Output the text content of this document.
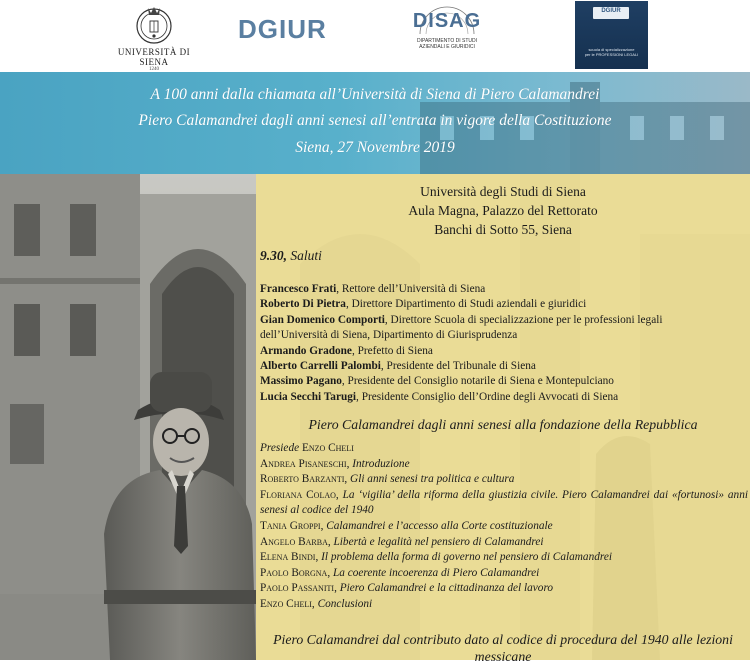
UNIVERSITÀ DI SIENA
1240
DGIUR	DISAG
DIPARTIMENTO DI STUDI
AZIENDALI E GIURIDICI
DGIUR
scuola di specializzazione
per le PROFESSIONI LEGALI
A 100 anni dalla chiamata all’Università di Siena di Piero Calamandrei
Piero Calamandrei dagli anni senesi all’entrata in vigore della Costituzione
Siena, 27 Novembre 2019
Università degli Studi di Siena
Aula Magna, Palazzo del Rettorato
Banchi di Sotto 55, Siena
9.30, Saluti
Francesco Frati, Rettore dell’Università di Siena
Roberto Di Pietra, Direttore Dipartimento di Studi aziendali e giuridici
Gian Domenico Comporti, Direttore Scuola di specializzazione per le professioni legali
dell’Università di Siena, Dipartimento di Giurisprudenza
Armando Gradone, Prefetto di Siena
Alberto Carrelli Palombi, Presidente del Tribunale di Siena
Massimo Pagano, Presidente del Consiglio notarile di Siena e Montepulciano
Lucia Secchi Tarugi, Presidente Consiglio dell’Ordine degli Avvocati di Siena
Piero Calamandrei dagli anni senesi alla fondazione della Repubblica
Presiede Enzo Cheli
Andrea Pisaneschi, Introduzione
Roberto Barzanti, Gli anni senesi tra politica e cultura
Floriana Colao, La ‘vigilia’ della riforma della giustizia civile. Piero Calamandrei dai «fortunosi» anni senesi al codice del 1940
Tania Groppi, Calamandrei e l’accesso alla Corte costituzionale
Angelo Barba, Libertà e legalità nel pensiero di Calamandrei
Elena Bindi, Il problema della forma di governo nel pensiero di Calamandrei
Paolo Borgna, La coerente incoerenza di Piero Calamandrei
Paolo Passaniti, Piero Calamandrei e la cittadinanza del lavoro
Enzo Cheli, Conclusioni
Piero Calamandrei dal contributo dato al codice di procedura del 1940 alle lezioni messicane
